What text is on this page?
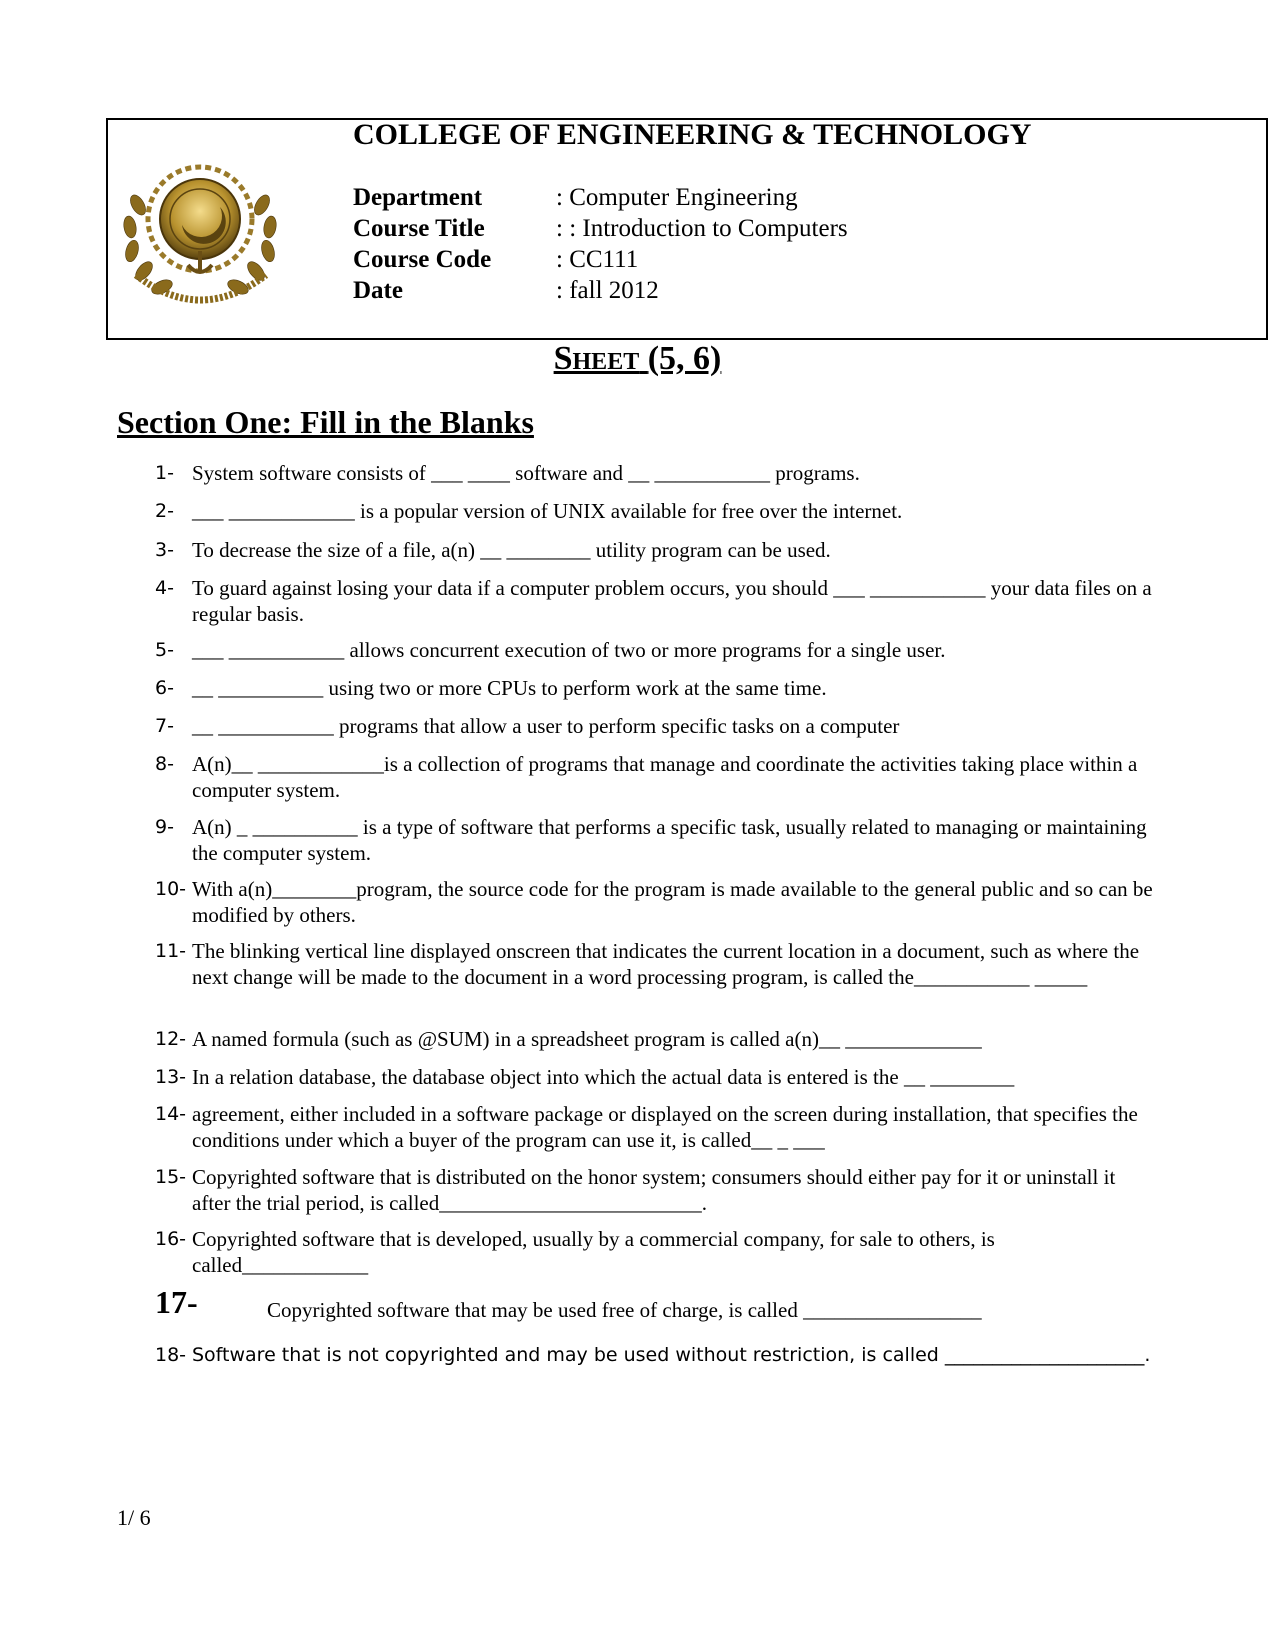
COLLEGE OF ENGINEERING & TECHNOLOGY
Department	: Computer Engineering
Course Title	: : Introduction to Computers
Course Code	: CC111
Date	: fall 2012
Sheet (5, 6)
Section One: Fill in the Blanks
1- System software consists of ___ ____ software and __ ___________ programs.
2- ___ ____________ is a popular version of UNIX available for free over the internet.
3- To decrease the size of a file, a(n) __ ________ utility program can be used.
4- To guard against losing your data if a computer problem occurs, you should ___ ___________ your data files on a regular basis.
5- ___ ___________ allows concurrent execution of two or more programs for a single user.
6- __ __________ using two or more CPUs to perform work at the same time.
7- __ ___________ programs that allow a user to perform specific tasks on a computer
8- A(n)__ ____________is a collection of programs that manage and coordinate the activities taking place within a computer system.
9- A(n) _ __________ is a type of software that performs a specific task, usually related to managing or maintaining the computer system.
10- With a(n)________program, the source code for the program is made available to the general public and so can be modified by others.
11- The blinking vertical line displayed onscreen that indicates the current location in a document, such as where the next change will be made to the document in a word processing program, is called the___________ _____
12- A named formula (such as @SUM) in a spreadsheet program is called a(n)__ _____________
13- In a relation database, the database object into which the actual data is entered is the __ ________
14- agreement, either included in a software package or displayed on the screen during installation, that specifies the conditions under which a buyer of the program can use it, is called__ _ ___
15- Copyrighted software that is distributed on the honor system; consumers should either pay for it or uninstall it after the trial period, is called_________________________.
16- Copyrighted software that is developed, usually by a commercial company, for sale to others, is called____________
17-	Copyrighted software that may be used free of charge, is called _________________
18- Software that is not copyrighted and may be used without restriction, is called _____________________.
1/ 6
